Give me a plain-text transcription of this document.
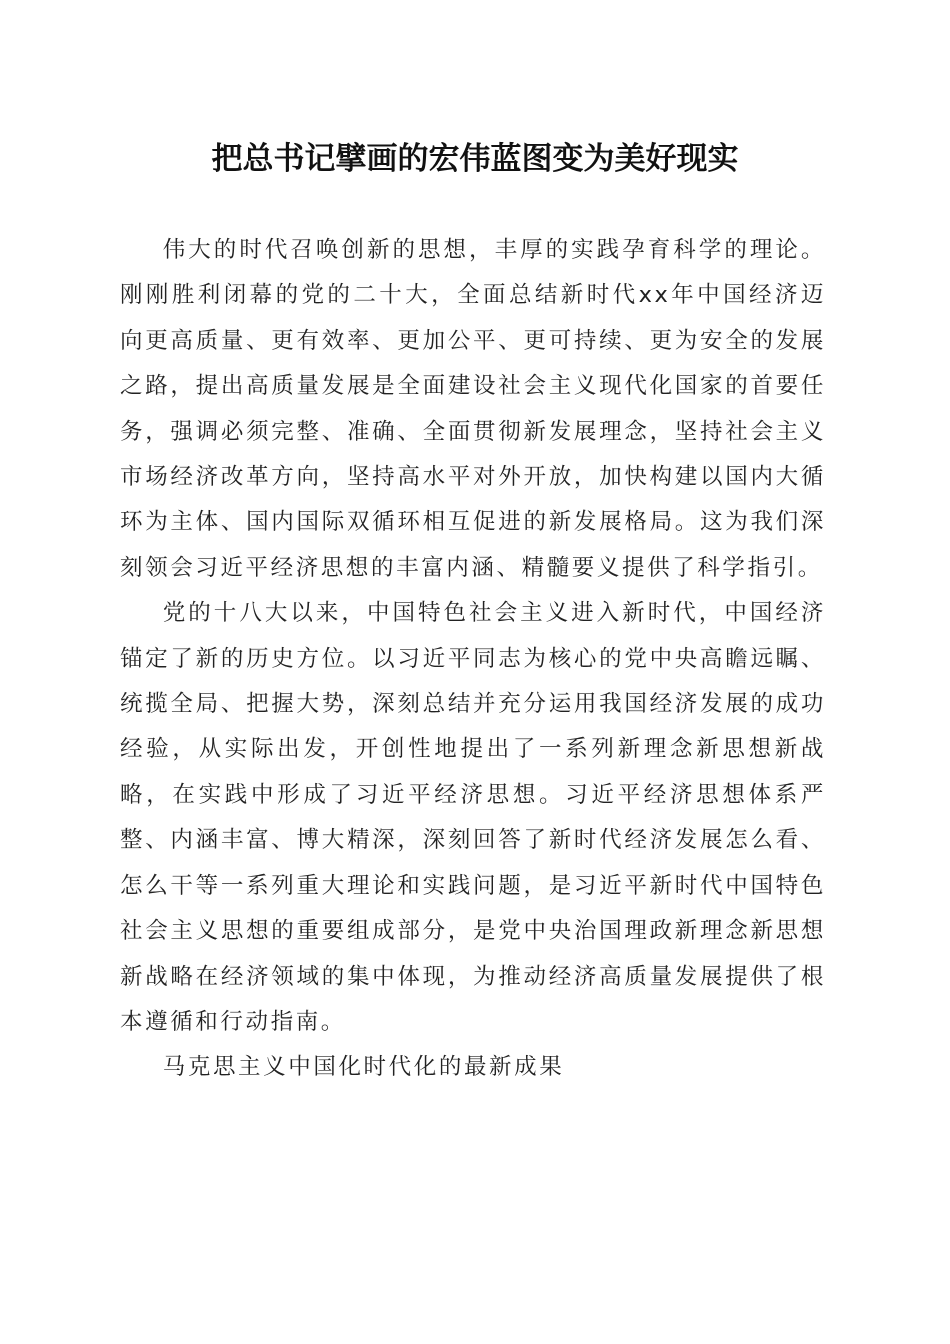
把总书记擘画的宏伟蓝图变为美好现实

伟大的时代召唤创新的思想，丰厚的实践孕育科学的理论。刚刚胜利闭幕的党的二十大，全面总结新时代xx年中国经济迈向更高质量、更有效率、更加公平、更可持续、更为安全的发展之路，提出高质量发展是全面建设社会主义现代化国家的首要任务，强调必须完整、准确、全面贯彻新发展理念，坚持社会主义市场经济改革方向，坚持高水平对外开放，加快构建以国内大循环为主体、国内国际双循环相互促进的新发展格局。这为我们深刻领会习近平经济思想的丰富内涵、精髓要义提供了科学指引。

党的十八大以来，中国特色社会主义进入新时代，中国经济锚定了新的历史方位。以习近平同志为核心的党中央高瞻远瞩、统揽全局、把握大势，深刻总结并充分运用我国经济发展的成功经验，从实际出发，开创性地提出了一系列新理念新思想新战略，在实践中形成了习近平经济思想。习近平经济思想体系严整、内涵丰富、博大精深，深刻回答了新时代经济发展怎么看、怎么干等一系列重大理论和实践问题，是习近平新时代中国特色社会主义思想的重要组成部分，是党中央治国理政新理念新思想新战略在经济领域的集中体现，为推动经济高质量发展提供了根本遵循和行动指南。

马克思主义中国化时代化的最新成果
